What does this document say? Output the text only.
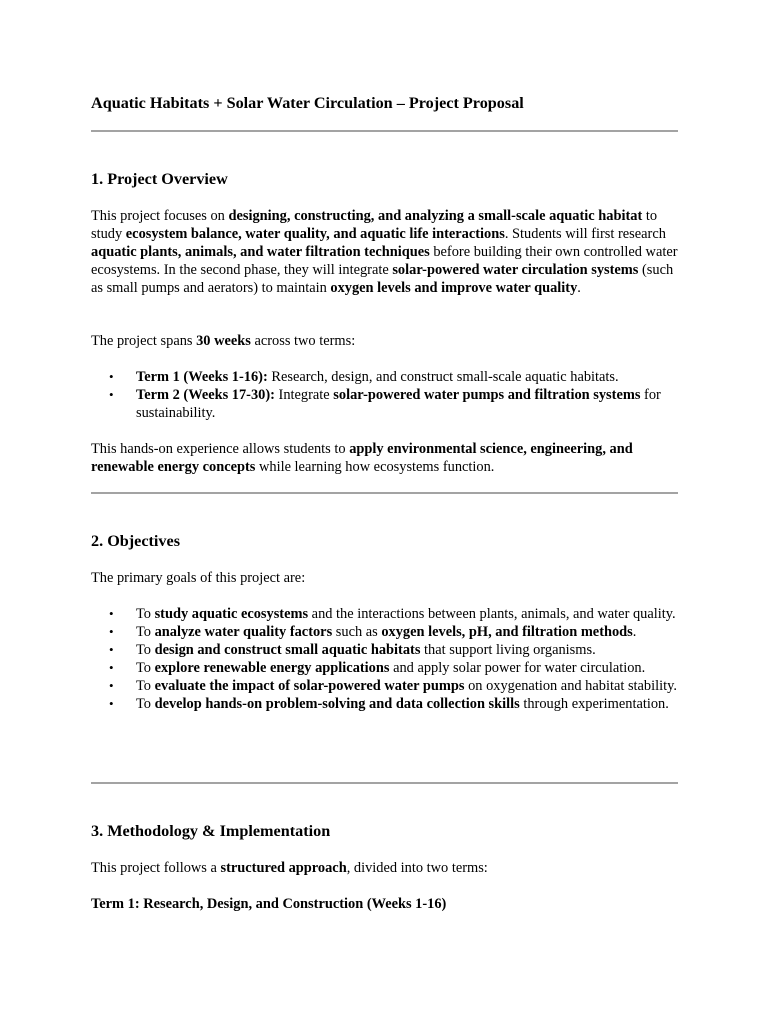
Aquatic Habitats + Solar Water Circulation – Project Proposal
1. Project Overview

This project focuses on designing, constructing, and analyzing a small-scale aquatic habitat to study ecosystem balance, water quality, and aquatic life interactions. Students will first research aquatic plants, animals, and water filtration techniques before building their own controlled water ecosystems. In the second phase, they will integrate solar-powered water circulation systems (such as small pumps and aerators) to maintain oxygen levels and improve water quality.

The project spans 30 weeks across two terms:

• Term 1 (Weeks 1-16): Research, design, and construct small-scale aquatic habitats.
• Term 2 (Weeks 17-30): Integrate solar-powered water pumps and filtration systems for sustainability.

This hands-on experience allows students to apply environmental science, engineering, and renewable energy concepts while learning how ecosystems function.

2. Objectives

The primary goals of this project are:

• To study aquatic ecosystems and the interactions between plants, animals, and water quality.
• To analyze water quality factors such as oxygen levels, pH, and filtration methods.
• To design and construct small aquatic habitats that support living organisms.
• To explore renewable energy applications and apply solar power for water circulation.
• To evaluate the impact of solar-powered water pumps on oxygenation and habitat stability.
• To develop hands-on problem-solving and data collection skills through experimentation.
3. Methodology & Implementation

This project follows a structured approach, divided into two terms:

Term 1: Research, Design, and Construction (Weeks 1-16)
